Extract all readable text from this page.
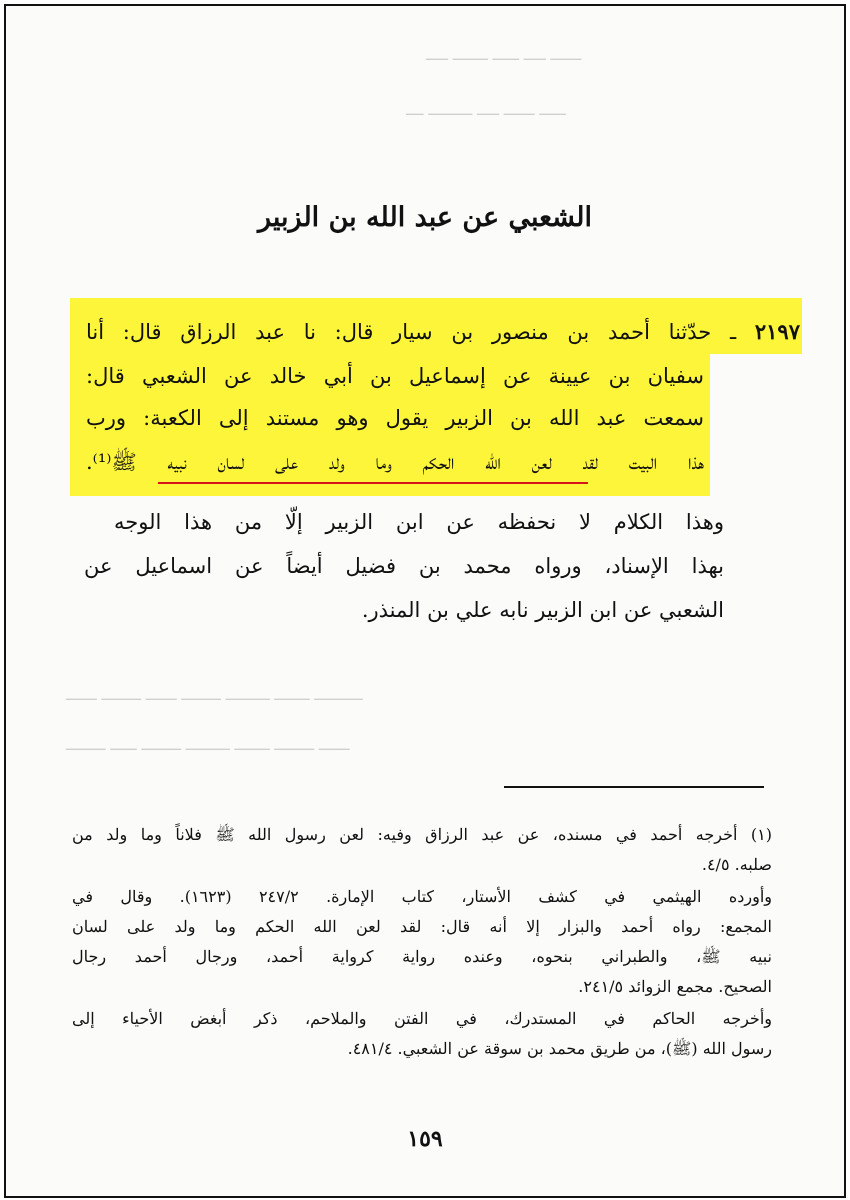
ـــــــ ـــــ ــــــ ــــــــ ـــــ
ــــــ ـــــــ ـــــ ــــــــــ ــــ
ـــــــــــ ــــــــ ــــــــــ ـــــــــ ـــــــ ـــــــــ ـــــــ
ـــــــ ـــــــــ ــــــــ ــــــــــ ـــــــــ ــــــ ـــــــــ
الشعبي عن عبد الله بن الزبير
٢١٩٧ ـ حدّثنا أحمد بن منصور بن سيار قال: نا عبد الرزاق قال: أنا
سفيان بن عيينة عن إسماعيل بن أبي خالد عن الشعبي قال:
سمعت عبد الله بن الزبير يقول وهو مستند إلى الكعبة: ورب
هذا البيت لقد لعن الله الحكم وما ولد على لسان نبيه ﷺ⁽¹⁾.
وهذا الكلام لا نحفظه عن ابن الزبير إلّا من هذا الوجه
بهذا الإسناد، ورواه محمد بن فضيل أيضاً عن اسماعيل عن
الشعبي عن ابن الزبير نابه علي بن المنذر.
(١) أخرجه أحمد في مسنده، عن عبد الرزاق وفيه: لعن رسول الله ﷺ فلاناً وما ولد من
صلبه. ٤/٥.
وأورده الهيثمي في كشف الأستار، كتاب الإمارة. ٢٤٧/٢ (١٦٢٣). وقال في
المجمع: رواه أحمد والبزار إلا أنه قال: لقد لعن الله الحكم وما ولد على لسان
نبيه ﷺ، والطبراني بنحوه، وعنده رواية كرواية أحمد، ورجال أحمد رجال
الصحيح. مجمع الزوائد ٢٤١/٥.
وأخرجه الحاكم في المستدرك، في الفتن والملاحم، ذكر أبغض الأحياء إلى
رسول الله (ﷺ)، من طريق محمد بن سوقة عن الشعبي. ٤٨١/٤.
١٥٩
